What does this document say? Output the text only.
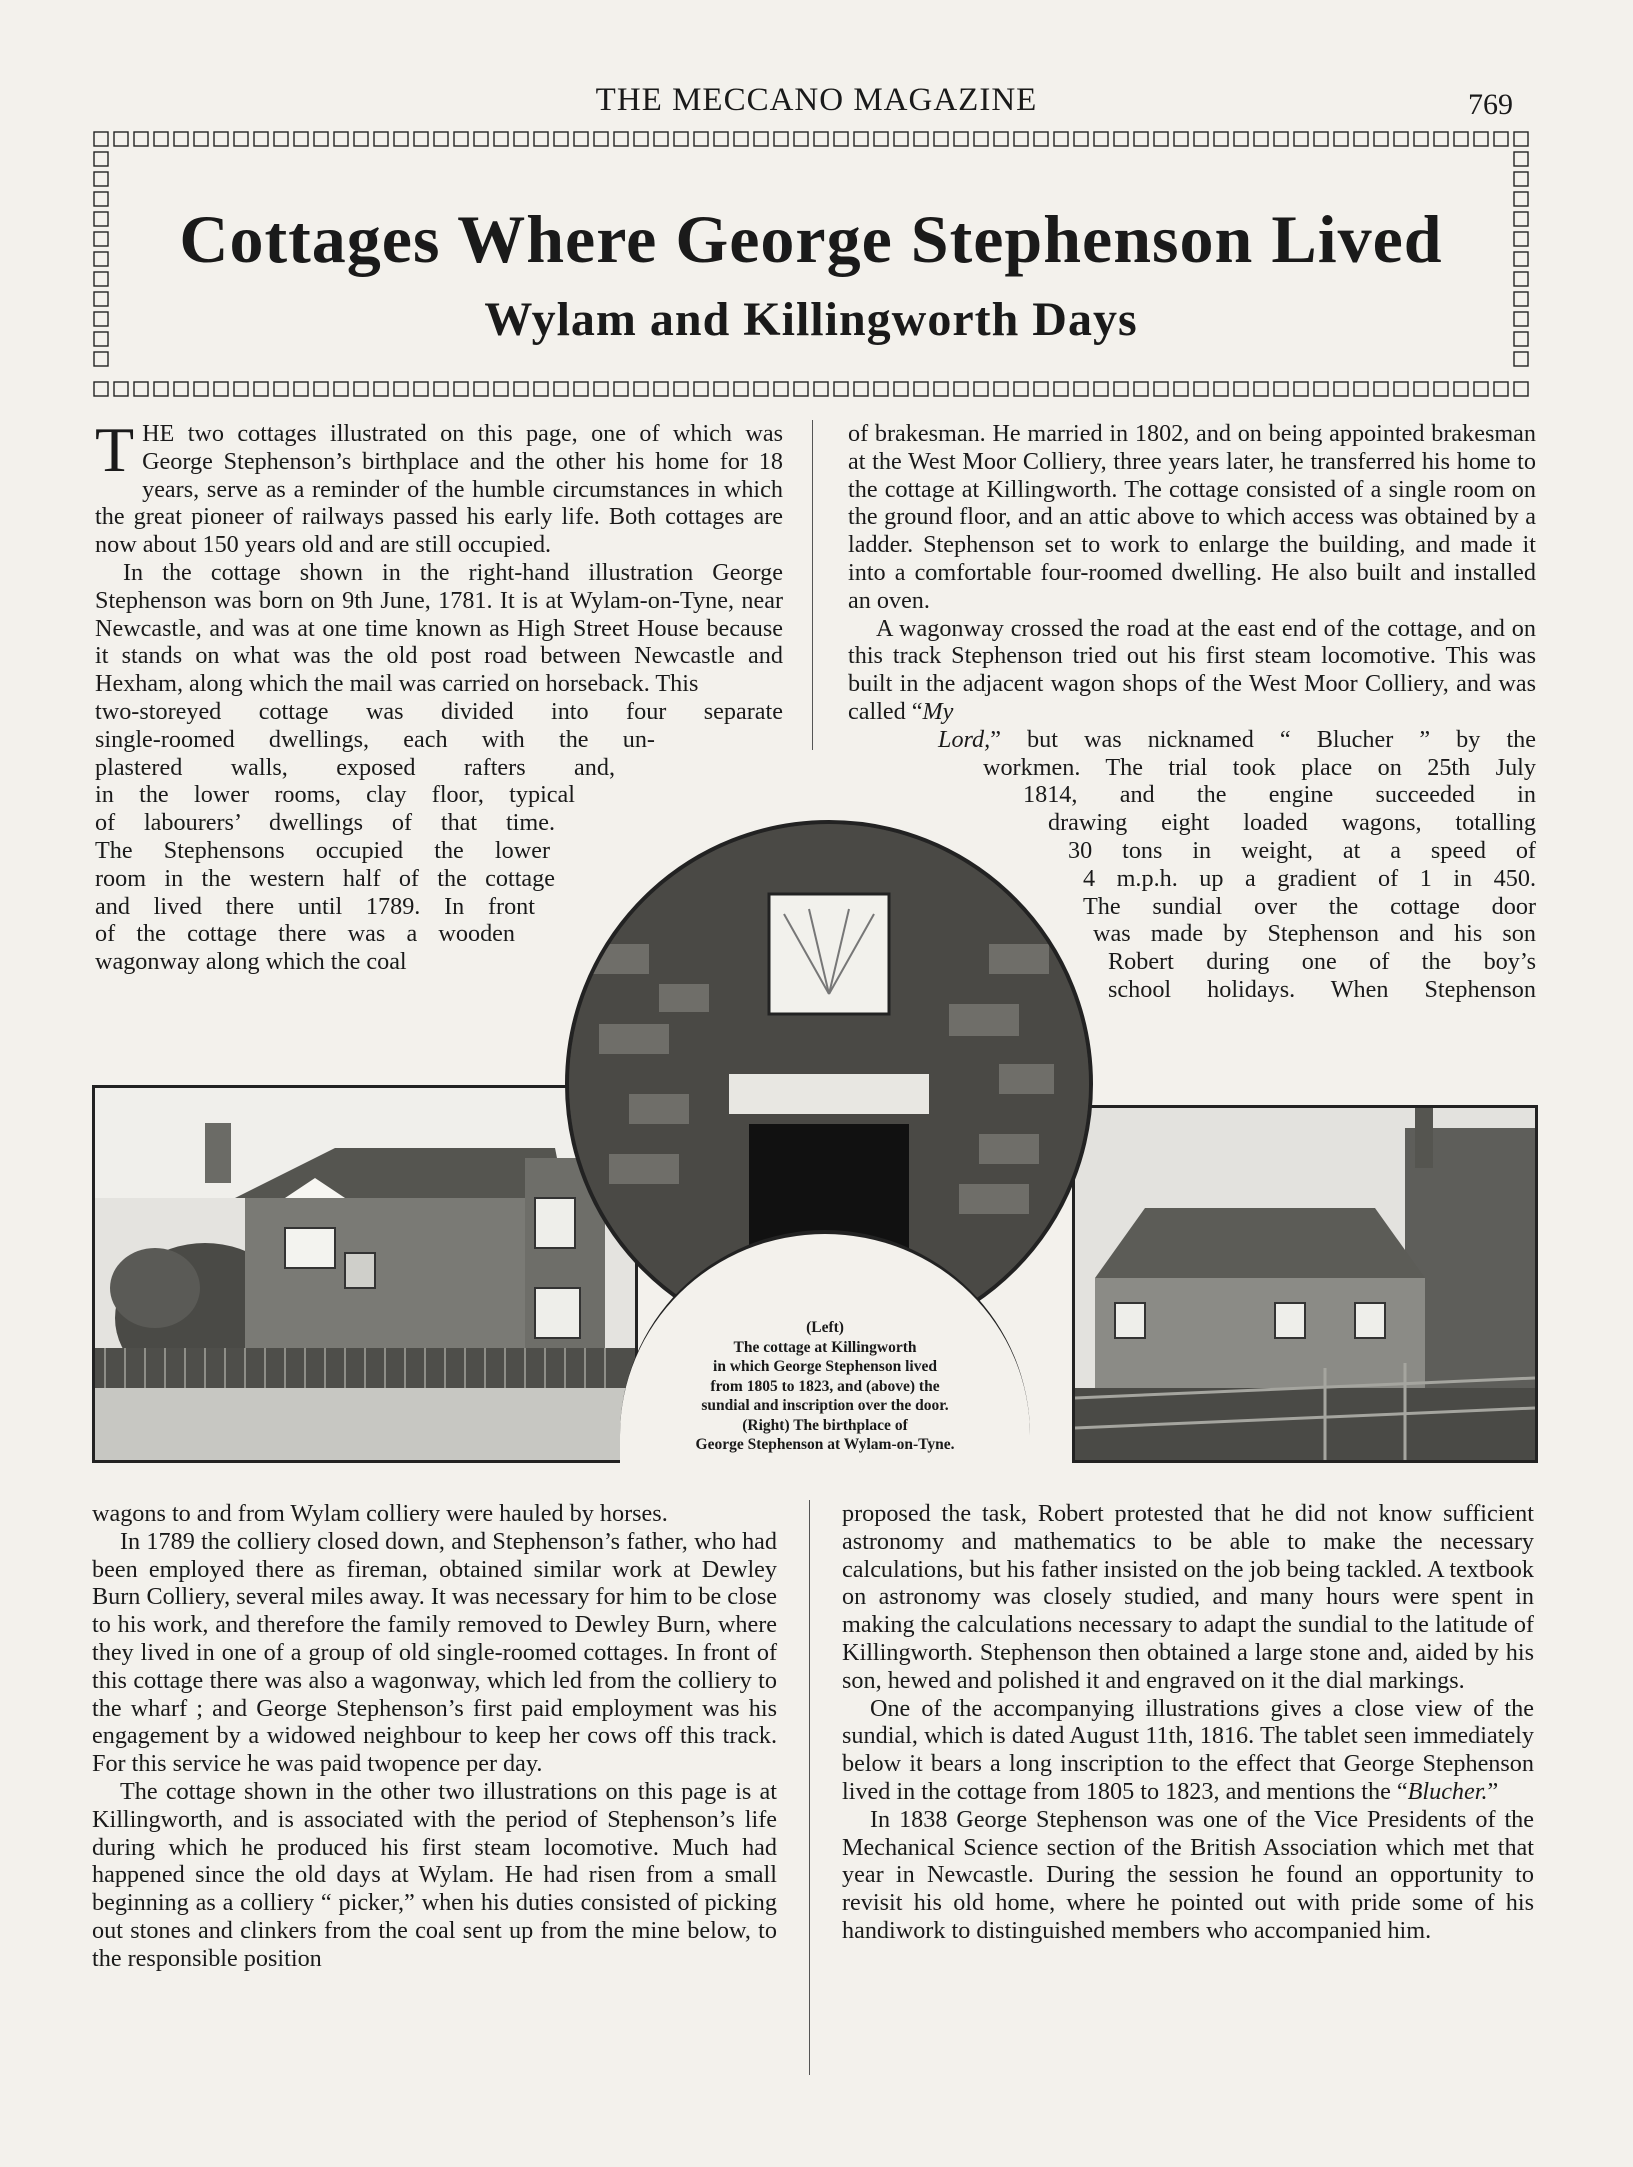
THE MECCANO MAGAZINE	769
Cottages Where George Stephenson Lived
Wylam and Killingworth Days

THE two cottages illustrated on this page, one of which was George Stephenson’s birthplace and the other his home for 18 years, serve as a reminder of the humble circumstances in which the great pioneer of railways passed his early life. Both cottages are now about 150 years old and are still occupied.

In the cottage shown in the right-hand illustration George Stephenson was born on 9th June, 1781. It is at Wylam-on-Tyne, near Newcastle, and was at one time known as High Street House because it stands on what was the old post road between Newcastle and Hexham, along which the mail was carried on horseback. This

two-storeyed cottage was divided into four separate
single-roomed dwellings, each with the un-
plastered walls, exposed rafters and,
in the lower rooms, clay floor, typical
of labourers’ dwellings of that time.
The Stephensons occupied the lower
room in the western half of the cottage
and lived there until 1789. In front
of the cottage there was a wooden
wagonway along which the coal

of brakesman. He married in 1802, and on being appointed brakesman at the West Moor Colliery, three years later, he transferred his home to the cottage at Killingworth. The cottage consisted of a single room on the ground floor, and an attic above to which access was obtained by a ladder. Stephenson set to work to enlarge the building, and made it into a comfortable four-roomed dwelling. He also built and installed an oven.

A wagonway crossed the road at the east end of the cottage, and on this track Stephenson tried out his first steam locomotive. This was built in the adjacent wagon shops of the West Moor Colliery, and was called “My

Lord,” but was nicknamed “ Blucher ” by the
workmen. The trial took place on 25th July
1814, and the engine succeeded in
drawing eight loaded wagons, totalling
30 tons in weight, at a speed of
4 m.p.h. up a gradient of 1 in 450.
The sundial over the cottage door
was made by Stephenson and his son
Robert during one of the boy’s
school holidays. When Stephenson
(Left)
The cottage at Killingworth
in which George Stephenson lived
from 1805 to 1823, and (above) the
sundial and inscription over the door.
(Right) The birthplace of
George Stephenson at Wylam-on-Tyne.

wagons to and from Wylam colliery were hauled by horses.

In 1789 the colliery closed down, and Stephenson’s father, who had been employed there as fireman, obtained similar work at Dewley Burn Colliery, several miles away. It was necessary for him to be close to his work, and therefore the family removed to Dewley Burn, where they lived in one of a group of old single-roomed cottages. In front of this cottage there was also a wagonway, which led from the colliery to the wharf ; and George Stephenson’s first paid employment was his engagement by a widowed neighbour to keep her cows off this track. For this service he was paid twopence per day.

The cottage shown in the other two illustrations on this page is at Killingworth, and is associated with the period of Stephenson’s life during which he produced his first steam locomotive. Much had happened since the old days at Wylam. He had risen from a small beginning as a colliery “ picker,” when his duties consisted of picking out stones and clinkers from the coal sent up from the mine below, to the responsible position

proposed the task, Robert protested that he did not know sufficient astronomy and mathematics to be able to make the necessary calculations, but his father insisted on the job being tackled. A textbook on astronomy was closely studied, and many hours were spent in making the calculations necessary to adapt the sundial to the latitude of Killingworth. Stephenson then obtained a large stone and, aided by his son, hewed and polished it and engraved on it the dial markings.

One of the accompanying illustrations gives a close view of the sundial, which is dated August 11th, 1816. The tablet seen immediately below it bears a long inscription to the effect that George Stephenson lived in the cottage from 1805 to 1823, and mentions the “Blucher.”

In 1838 George Stephenson was one of the Vice Presidents of the Mechanical Science section of the British Association which met that year in Newcastle. During the session he found an opportunity to revisit his old home, where he pointed out with pride some of his handiwork to distinguished members who accompanied him.
